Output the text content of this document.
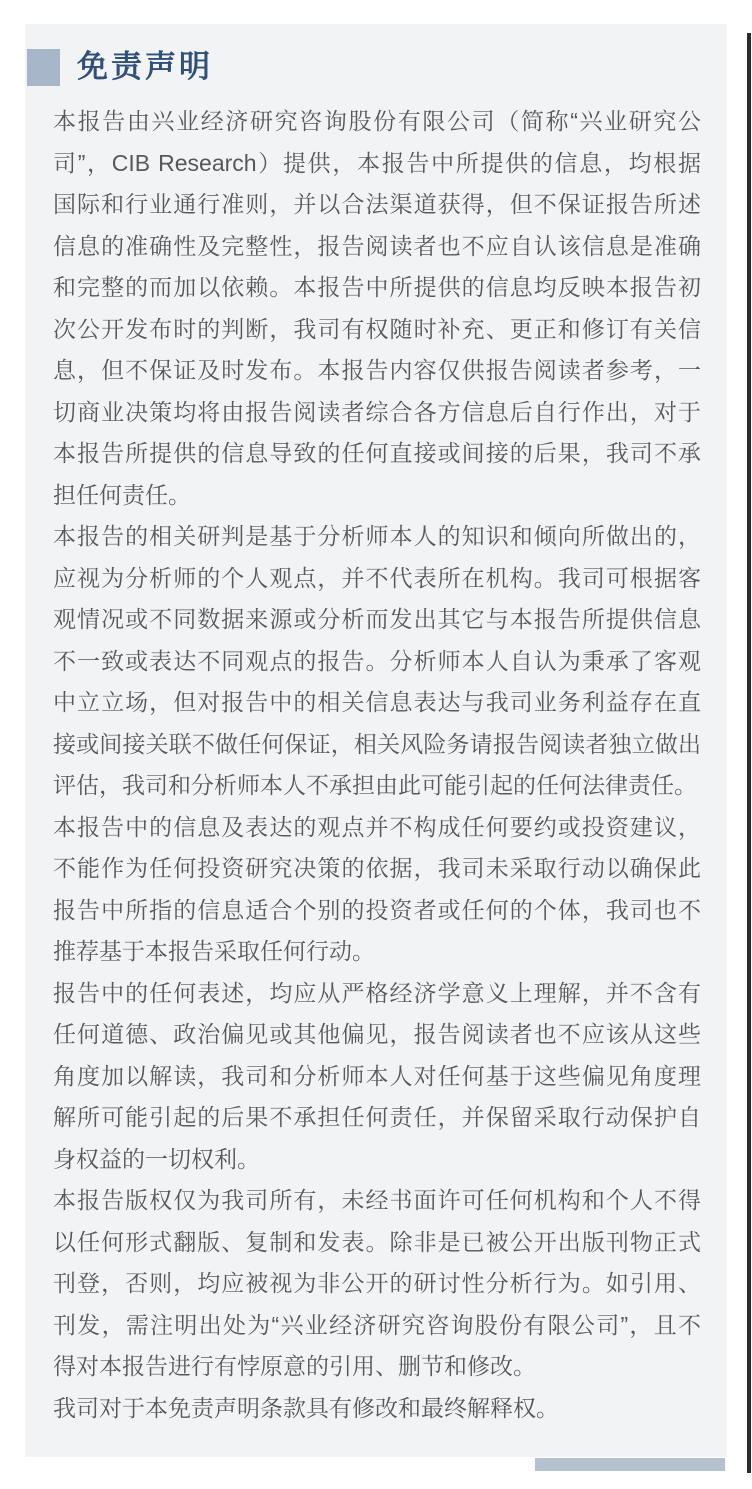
免责声明
本报告由兴业经济研究咨询股份有限公司（简称“兴业研究公
司”，CIB Research）提供，本报告中所提供的信息，均根据
国际和行业通行准则，并以合法渠道获得，但不保证报告所述
信息的准确性及完整性，报告阅读者也不应自认该信息是准确
和完整的而加以依赖。本报告中所提供的信息均反映本报告初
次公开发布时的判断，我司有权随时补充、更正和修订有关信
息，但不保证及时发布。本报告内容仅供报告阅读者参考，一
切商业决策均将由报告阅读者综合各方信息后自行作出，对于
本报告所提供的信息导致的任何直接或间接的后果，我司不承
担任何责任。
本报告的相关研判是基于分析师本人的知识和倾向所做出的，
应视为分析师的个人观点，并不代表所在机构。我司可根据客
观情况或不同数据来源或分析而发出其它与本报告所提供信息
不一致或表达不同观点的报告。分析师本人自认为秉承了客观
中立立场，但对报告中的相关信息表达与我司业务利益存在直
接或间接关联不做任何保证，相关风险务请报告阅读者独立做出
评估，我司和分析师本人不承担由此可能引起的任何法律责任。
本报告中的信息及表达的观点并不构成任何要约或投资建议，
不能作为任何投资研究决策的依据，我司未采取行动以确保此
报告中所指的信息适合个别的投资者或任何的个体，我司也不
推荐基于本报告采取任何行动。
报告中的任何表述，均应从严格经济学意义上理解，并不含有
任何道德、政治偏见或其他偏见，报告阅读者也不应该从这些
角度加以解读，我司和分析师本人对任何基于这些偏见角度理
解所可能引起的后果不承担任何责任，并保留采取行动保护自
身权益的一切权利。
本报告版权仅为我司所有，未经书面许可任何机构和个人不得
以任何形式翻版、复制和发表。除非是已被公开出版刊物正式
刊登，否则，均应被视为非公开的研讨性分析行为。如引用、
刊发，需注明出处为“兴业经济研究咨询股份有限公司”，且不
得对本报告进行有悖原意的引用、删节和修改。
我司对于本免责声明条款具有修改和最终解释权。
